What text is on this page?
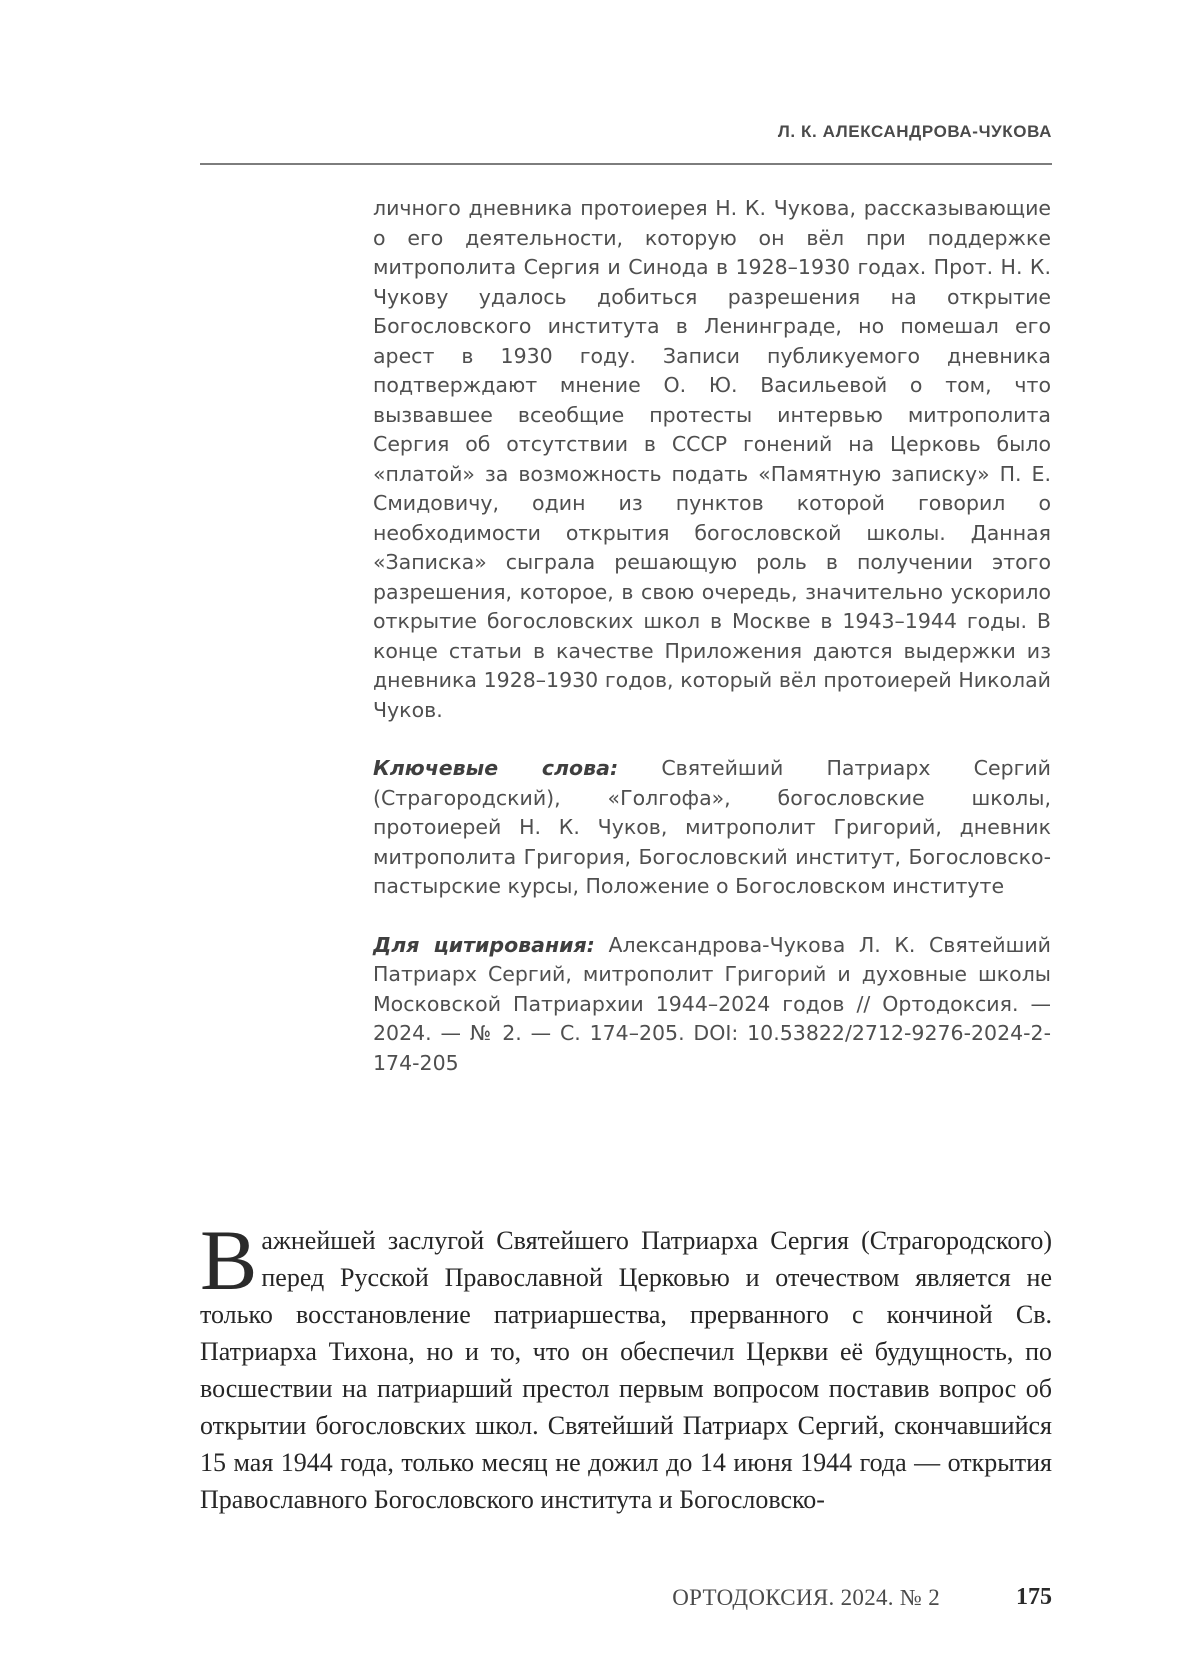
Л. К. АЛЕКСАНДРОВА-ЧУКОВА

личного дневника протоиерея Н. К. Чукова, рассказывающие о его деятельности, которую он вёл при поддержке митрополита Сергия и Синода в 1928–1930 годах. Прот. Н. К. Чукову удалось добиться разрешения на открытие Богословского института в Ленинграде, но помешал его арест в 1930 году. Записи публикуемого дневника подтверждают мнение О. Ю. Васильевой о том, что вызвавшее всеобщие протесты интервью митрополита Сергия об отсутствии в СССР гонений на Церковь было «платой» за возможность подать «Памятную записку» П. Е. Смидовичу, один из пунктов которой говорил о необходимости открытия богословской школы. Данная «Записка» сыграла решающую роль в получении этого разрешения, которое, в свою очередь, значительно ускорило открытие богословских школ в Москве в 1943–1944 годы. В конце статьи в качестве Приложения даются выдержки из дневника 1928–1930 годов, который вёл протоиерей Николай Чуков.

Ключевые слова: Святейший Патриарх Сергий (Страгородский), «Голгофа», богословские школы, протоиерей Н. К. Чуков, митрополит Григорий, дневник митрополита Григория, Богословский институт, Богословско-пастырские курсы, Положение о Богословском институте

Для цитирования: Александрова-Чукова Л. К. Святейший Патриарх Сергий, митрополит Григорий и духовные школы Московской Патриархии 1944–2024 годов // Ортодоксия. — 2024. — № 2. — С. 174–205. DOI: 10.53822/2712-9276-2024-2-174-205

Важнейшей заслугой Святейшего Патриарха Сергия (Страгородского) перед Русской Православной Церковью и отечеством является не только восстановление патриаршества, прерванного с кончиной Св. Патриарха Тихона, но и то, что он обеспечил Церкви её будущность, по восшествии на патриарший престол первым вопросом поставив вопрос об открытии богословских школ. Святейший Патриарх Сергий, скончавшийся 15 мая 1944 года, только месяц не дожил до 14 июня 1944 года — открытия Православного Богословского института и Богословско-

ОРТОДОКСИЯ. 2024. № 2	175
